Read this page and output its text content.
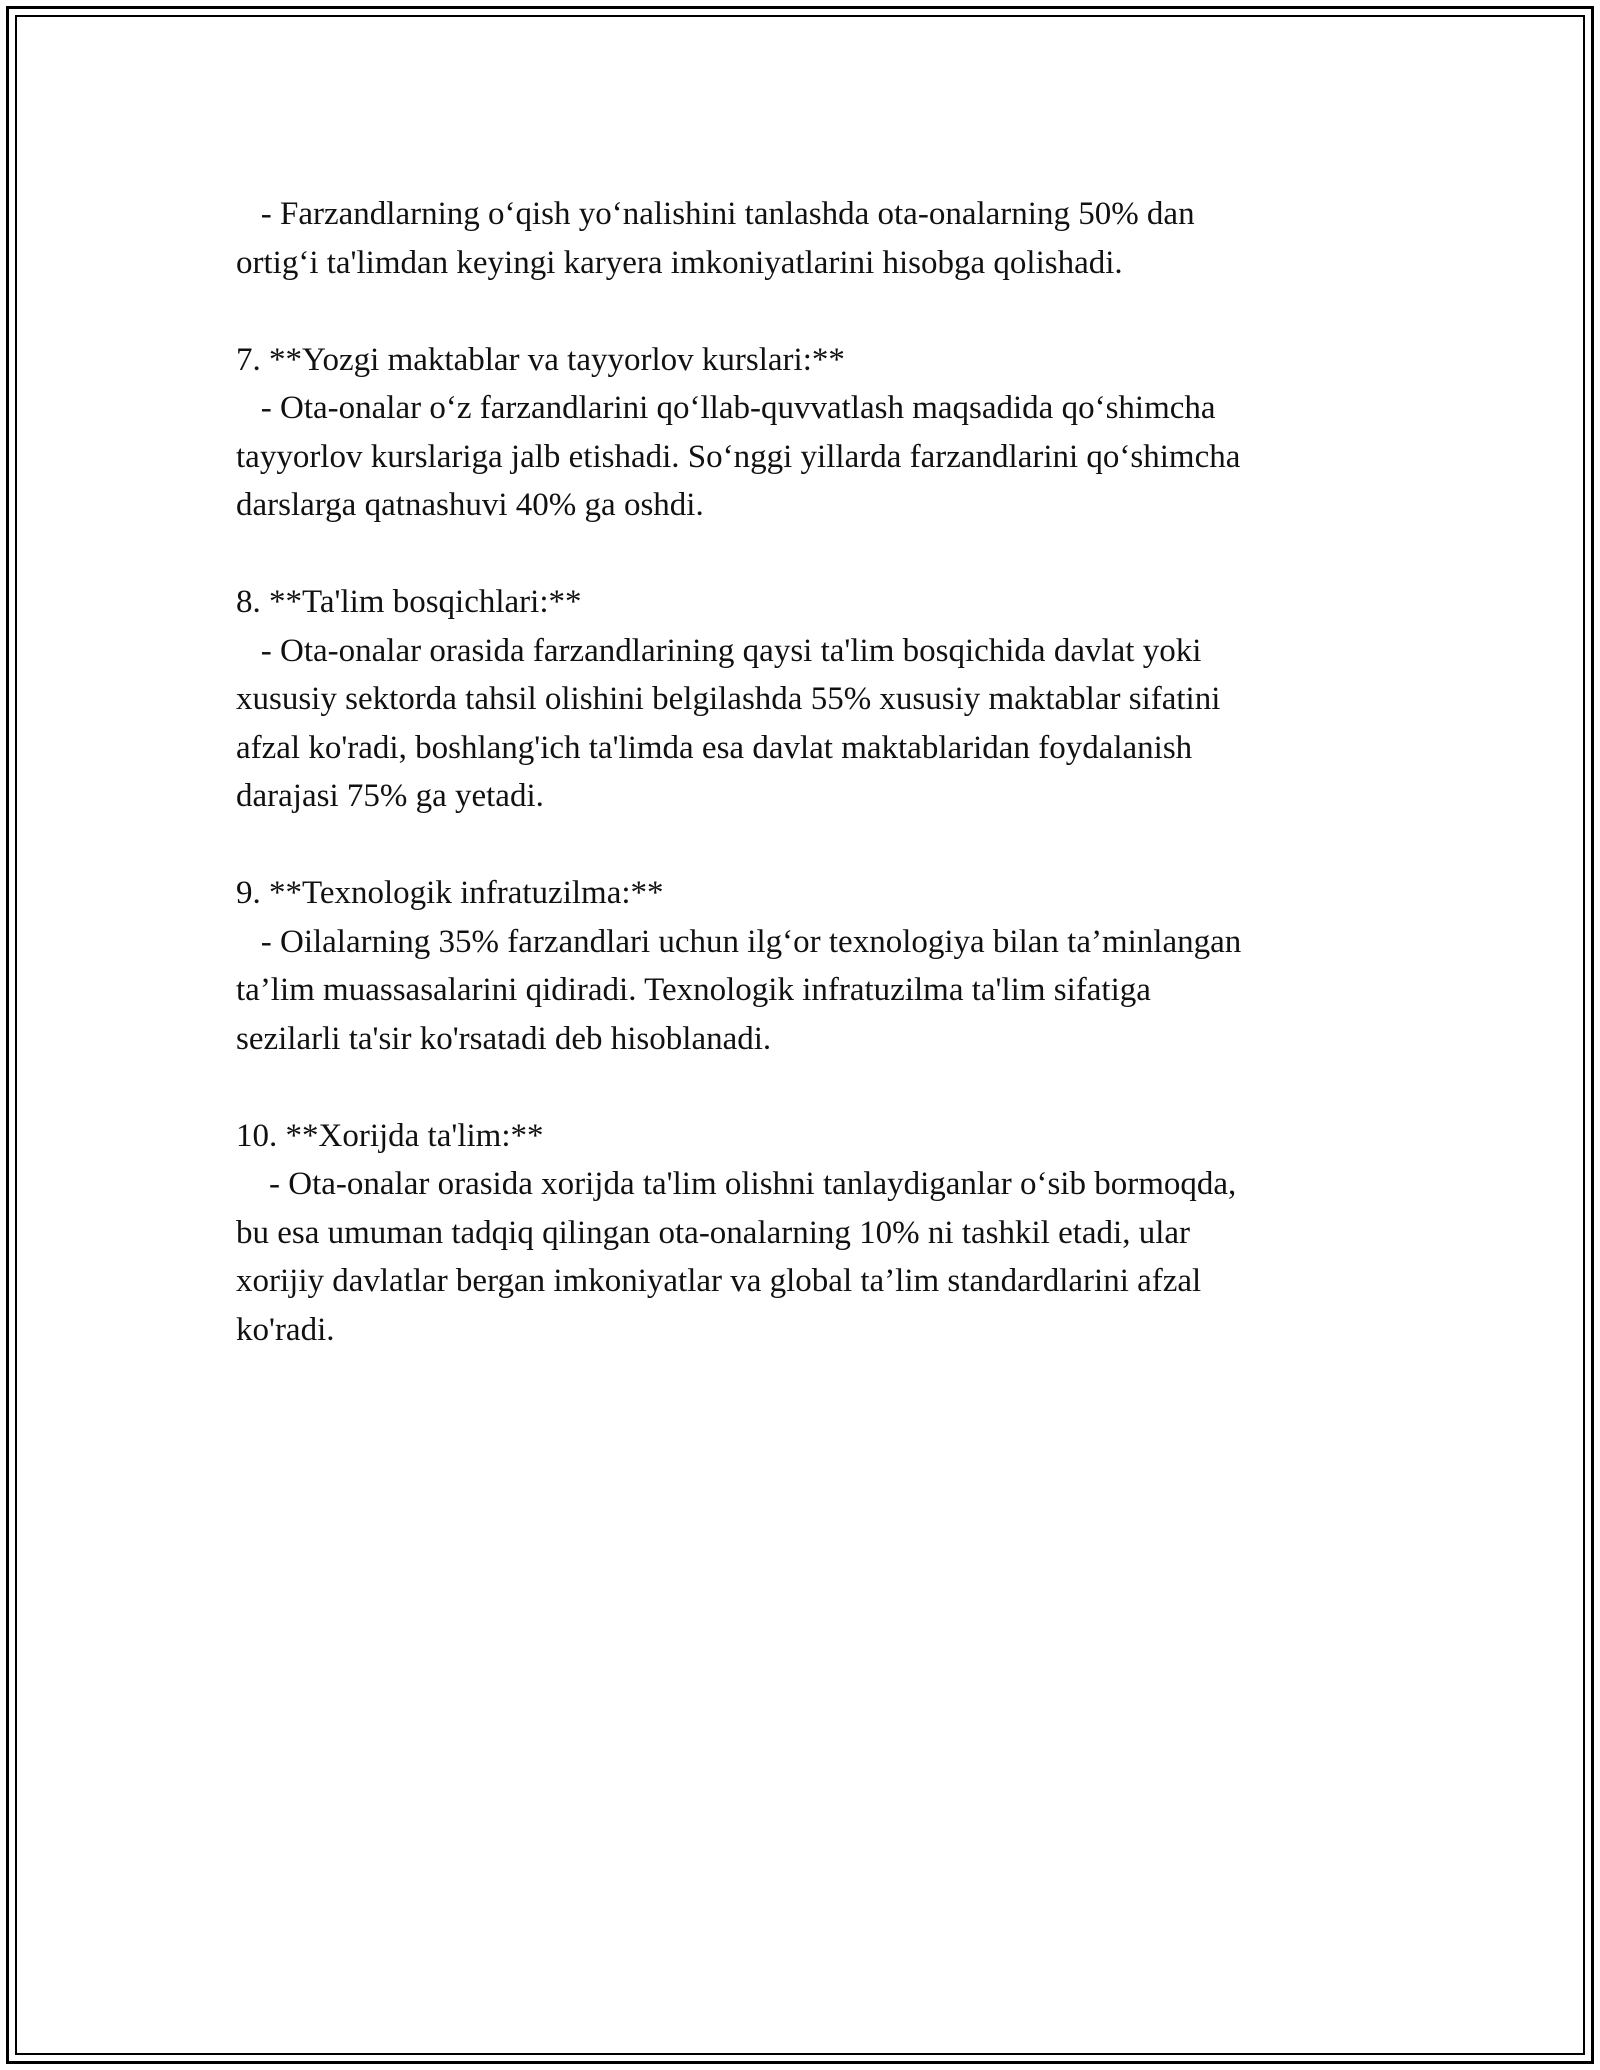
- Farzandlarning o‘qish yo‘nalishini tanlashda ota-onalarning 50% dan

ortig‘i ta'limdan keyingi karyera imkoniyatlarini hisobga qolishadi.

7. **Yozgi maktablar va tayyorlov kurslari:**

- Ota-onalar o‘z farzandlarini qo‘llab-quvvatlash maqsadida qo‘shimcha

tayyorlov kurslariga jalb etishadi. So‘nggi yillarda farzandlarini qo‘shimcha

darslarga qatnashuvi 40% ga oshdi.

8. **Ta'lim bosqichlari:**

- Ota-onalar orasida farzandlarining qaysi ta'lim bosqichida davlat yoki

xususiy sektorda tahsil olishini belgilashda 55% xususiy maktablar sifatini

afzal ko'radi, boshlang'ich ta'limda esa davlat maktablaridan foydalanish

darajasi 75% ga yetadi.

9. **Texnologik infratuzilma:**

- Oilalarning 35% farzandlari uchun ilg‘or texnologiya bilan ta’minlangan

ta’lim muassasalarini qidiradi. Texnologik infratuzilma ta'lim sifatiga

sezilarli ta'sir ko'rsatadi deb hisoblanadi.

10. **Xorijda ta'lim:**

- Ota-onalar orasida xorijda ta'lim olishni tanlaydiganlar o‘sib bormoqda,

bu esa umuman tadqiq qilingan ota-onalarning 10% ni tashkil etadi, ular

xorijiy davlatlar bergan imkoniyatlar va global ta’lim standardlarini afzal

ko'radi.
